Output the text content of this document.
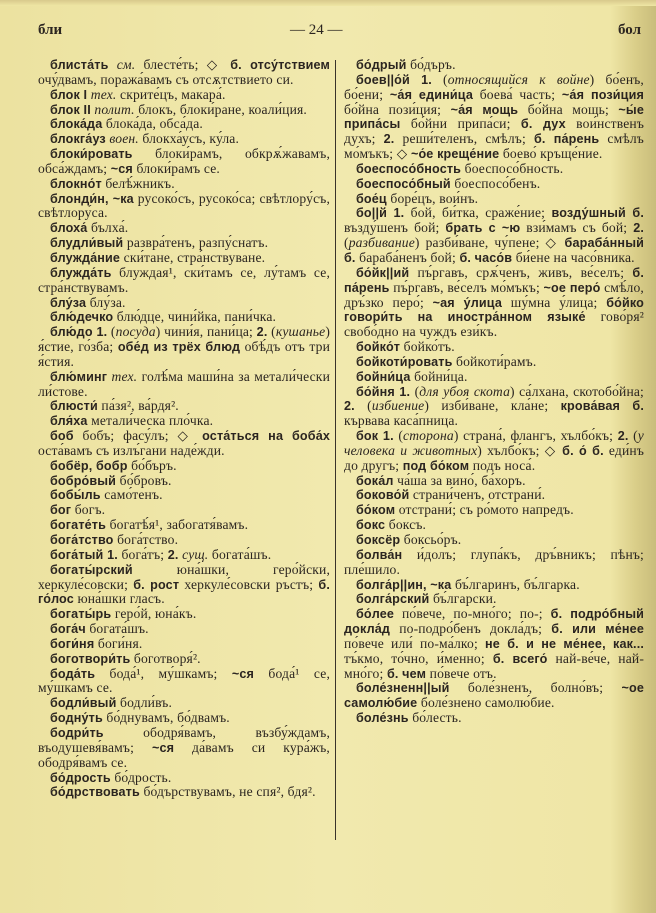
бли	— 24 —	бол

блиста́ть см. блесте́ть; ◇ б. отсу́тствием очу́двамъ, поража́вамъ съ отсѫтствието си.

блок I тех. скрите́цъ, макара́.

блок II полит. блокъ, блоки́ране, коали́ция.

блока́да блока́да, обса́да.

блокга́уз воен. блокха́усъ, ку́ла.

блоки́ровать блоки́рамъ, обкрѫ́жавамъ, обса́ждамъ; ~ся блоки́рамъ се.

блокно́т белѣ́жникъ.

блонди́н, ~ка русоко́съ, русоко́са; свѣтлору́съ, свѣтлору́са.

блоха́ бълха́.

блудли́вый развра́тенъ, разпу́снатъ.

блужда́ние ски́тане, стра́нствуване.

блужда́ть блуждая¹, ски́тамъ се, лу́тамъ се, стра́нствувамъ.

блу́за блу́за.

блю́дечко блю́дце, чини́йка, пани́чка.

блю́до 1. (посуда) чини́я, пани́ца; 2. (кушанье) я́стие, го́зба; обе́д из трёх блюд обѣ́дъ отъ три я́стия.

блю́минг тех. голѣ́ма маши́на за метали́чески ли́стове.

блюсти́ па́зя², ва́рдя².

бля́ха метали́ческа пло́чка.

боб бобъ; фасу́лъ; ◇ оста́ться на боба́х оста́вамъ съ излъ́гани наде́жди.

бобёр, бобр бо́бъръ.

бобро́вый бо́бровъ.

бобы́ль само́тенъ.

бог богъ.

богате́ть богатѣ́я¹, забогатя́вамъ.

бога́тство бога́тство.

бога́тый 1. бога́тъ; 2. сущ. богата́шъ.

богаты́рский юна́шки, геро́йски, херкуле́совски; б. рост херкуле́совски ръстъ; б. го́лос юна́шки гласъ.

богаты́рь геро́й, юна́къ.

бога́ч богата́шъ.

боги́ня боги́ня.

боготвори́ть боготворя́².

бода́ть бода́¹, му́шкамъ; ~ся бода́¹ се, му́шкамъ се.

бодли́вый бодли́въ.

бодну́ть бо́днувамъ, бо́двамъ.

бодри́ть ободря́вамъ, възбу́ждамъ, въодушевя́вамъ; ~ся да́вамъ си кура́жъ, ободря́вамъ се.

бо́дрость бо́дрость.

бо́дрствовать бо́дърствувамъ, не спя², бдя².

бо́дрый бо́дъръ.

боев||о́й 1. (относящийся к войне) бо́енъ, бо́ени; ~а́я едини́ца боева́ часть; ~а́я пози́ция бо́йна пози́ция; ~а́я мощь бо́йна мощь; ~ы́е припа́сы бо́йни припа́си; б. дух вои́нственъ духъ; 2. реши́теленъ, смѣлъ; б. па́рень смѣлъ мо́мъкъ; ◇ ~о́е креще́ние боево́ кръще́ние.

боеспосо́бность боеспосо́бность.

боеспосо́бный боеспосо́бенъ.

бое́ц боре́цъ, вои́нъ.

бо||й 1. бой, би́тка, сраже́ние; возду́шный б. възду́шенъ бой; брать с ~ю взи́мамъ съ бой; 2. (разбивание) разби́ване, чу́пене; ◇ бараба́нный б. бараба́ненъ бой; б. часо́в би́ене на часо́вника.

бо́йк||ий пъ́ргавъ, срѫ́ченъ, живъ, ве́селъ; б. па́рень пъ́ргавъ, ве́селъ мо́мъкъ; ~ое перо́ смѣ́ло, дръ́зко перо́; ~ая у́лица шу́мна у́лица; бо́йко говори́ть на иностра́нном языке́ гово́ря² свобо́дно на чуждъ ези́къ.

бойко́т бойко́тъ.

бойкоти́ровать бойкоти́рамъ.

бойни́ца бойни́ца.

бо́йня 1. (для убоя скота) са́лхана, скотобо́йна; 2. (избиение) изби́ване, кла́не; крова́вая б. кървава каса́пница.

бок 1. (сторона) страна́, флангъ, хълбо́къ; 2. (у человека и животных) хълбо́къ; ◇ б. о́ б. еди́нъ до другъ; под бо́ком подъ носа́.

бока́л ча́ша за вино́, ба́хоръ.

боково́й страни́ченъ, отстрани́.

бо́ком отстрани́; съ ро́мото напредъ.

бокс боксъ.

боксёр боксьо́ръ.

болва́н и́долъ; глупа́къ, дръ́вникъ; пѣнъ; пле́шило.

болга́р||ин, ~ка бъ́лгаринъ, бъ́лгарка.

болга́рский бъ́лгарски.

бо́лее по́вече, по-мно́го; по-; б. подро́бный докла́д по-подро́бенъ докла́дъ; б. или ме́нее по́вече или́ по-ма́лко; не б. и не ме́нее, как... тъ́кмо, то́чно, и́менно; б. всего́ най-ве́че, най-мно́го; б. чем по́вече отъ.

боле́зненн||ый боле́зненъ, болно́въ; ~ое самолю́бие боле́знено самолю́бие.

боле́знь бо́лесть.
